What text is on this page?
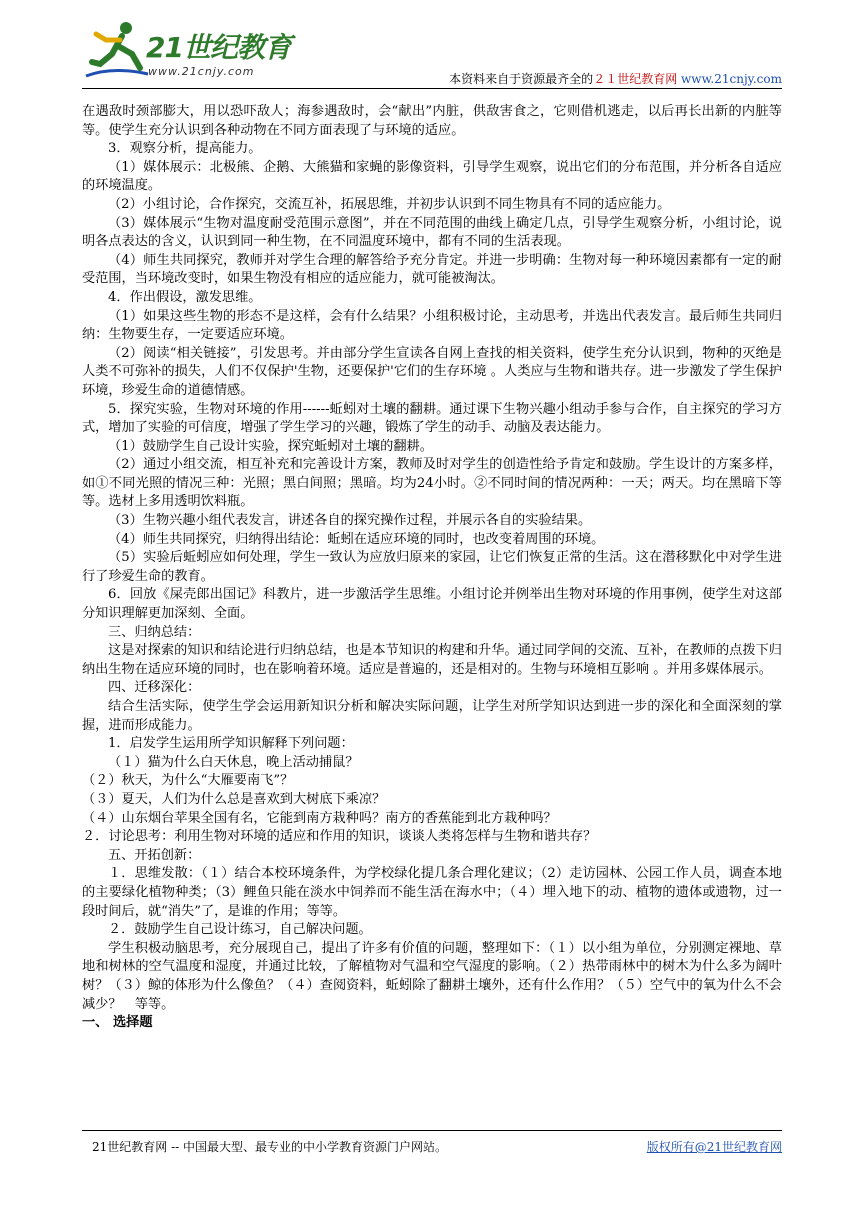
21世纪教育
www.21cnjy.com
本资料来自于资源最齐全的２１世纪教育网 www.21cnjy.com

在遇敌时颈部膨大，用以恐吓敌人；海参遇敌时，会“献出”内脏，供敌害食之，它则借机逃走，以后再长出新的内脏等等。使学生充分认识到各种动物在不同方面表现了与环境的适应。

3．观察分析，提高能力。

（1）媒体展示：北极熊、企鹅、大熊猫和家蝇的影像资料，引导学生观察，说出它们的分布范围，并分析各自适应的环境温度。

（2）小组讨论，合作探究，交流互补，拓展思维，并初步认识到不同生物具有不同的适应能力。

（3）媒体展示“生物对温度耐受范围示意图”，并在不同范围的曲线上确定几点，引导学生观察分析，小组讨论，说明各点表达的含义，认识到同一种生物，在不同温度环境中，都有不同的生活表现。

（4）师生共同探究，教师并对学生合理的解答给予充分肯定。并进一步明确：生物对每一种环境因素都有一定的耐受范围，当环境改变时，如果生物没有相应的适应能力，就可能被淘汰。

4．作出假设，激发思维。

（1）如果这些生物的形态不是这样，会有什么结果？小组积极讨论，主动思考，并选出代表发言。最后师生共同归纳：生物要生存，一定要适应环境。

（2）阅读“相关链接”，引发思考。并由部分学生宣读各自网上查找的相关资料，使学生充分认识到，物种的灭绝是人类不可弥补的损失，人们不仅保护'生物，还要保护'它们的生存环境 。人类应与生物和谐共存。进一步激发了学生保护环境，珍爱生命的道德情感。

5．探究实验，生物对环境的作用------蚯蚓对土壤的翻耕。通过课下生物兴趣小组动手参与合作，自主探究的学习方式，增加了实验的可信度，增强了学生学习的兴趣，锻炼了学生的动手、动脑及表达能力。

（1）鼓励学生自己设计实验，探究蚯蚓对土壤的翻耕。

（2）通过小组交流，相互补充和完善设计方案，教师及时对学生的创造性给予肯定和鼓励。学生设计的方案多样，如①不同光照的情况三种：光照；黑白间照；黑暗。均为24小时。②不同时间的情况两种：一天；两天。均在黑暗下等等。选材上多用透明饮料瓶。

（3）生物兴趣小组代表发言，讲述各自的探究操作过程，并展示各自的实验结果。

（4）师生共同探究，归纳得出结论：蚯蚓在适应环境的同时，也改变着周围的环境。

（5）实验后蚯蚓应如何处理，学生一致认为应放归原来的家园，让它们恢复正常的生活。这在潜移默化中对学生进行了珍爱生命的教育。

6．回放《屎壳郎出国记》科教片，进一步激活学生思维。小组讨论并例举出生物对环境的作用事例，使学生对这部分知识理解更加深刻、全面。

三、归纳总结：

这是对探索的知识和结论进行归纳总结，也是本节知识的构建和升华。通过同学间的交流、互补，在教师的点拨下归纳出生物在适应环境的同时，也在影响着环境。适应是普遍的，还是相对的。生物与环境相互影响 。并用多媒体展示。

四、迁移深化：

结合生活实际，使学生学会运用新知识分析和解决实际问题，让学生对所学知识达到进一步的深化和全面深刻的掌握，进而形成能力。

1．启发学生运用所学知识解释下列问题：

（１）猫为什么白天休息，晚上活动捕鼠？

（２）秋天，为什么“大雁要南飞”？

（３）夏天，人们为什么总是喜欢到大树底下乘凉？

（４）山东烟台苹果全国有名，它能到南方栽种吗？南方的香蕉能到北方栽种吗？

２．讨论思考：利用生物对环境的适应和作用的知识，谈谈人类将怎样与生物和谐共存？

五、开拓创新：

１．思维发散：（１）结合本校环境条件，为学校绿化提几条合理化建议；（2）走访园林、公园工作人员，调查本地的主要绿化植物种类；（3）鲤鱼只能在淡水中饲养而不能生活在海水中；（４）埋入地下的动、植物的遗体或遗物，过一段时间后，就“消失”了，是谁的作用；等等。

２．鼓励学生自己设计练习，自己解决问题。

学生积极动脑思考，充分展现自己，提出了许多有价值的问题，整理如下：（１）以小组为单位，分别测定裸地、草地和树林的空气温度和湿度，并通过比较，了解植物对气温和空气湿度的影响。（２）热带雨林中的树木为什么多为阔叶树？（３）鲸的体形为什么像鱼？（４）查阅资料，蚯蚓除了翻耕土壤外，还有什么作用？（５）空气中的氧为什么不会减少？　等等。

一、 选择题

21世纪教育网 -- 中国最大型、最专业的中小学教育资源门户网站。	版权所有@21世纪教育网
